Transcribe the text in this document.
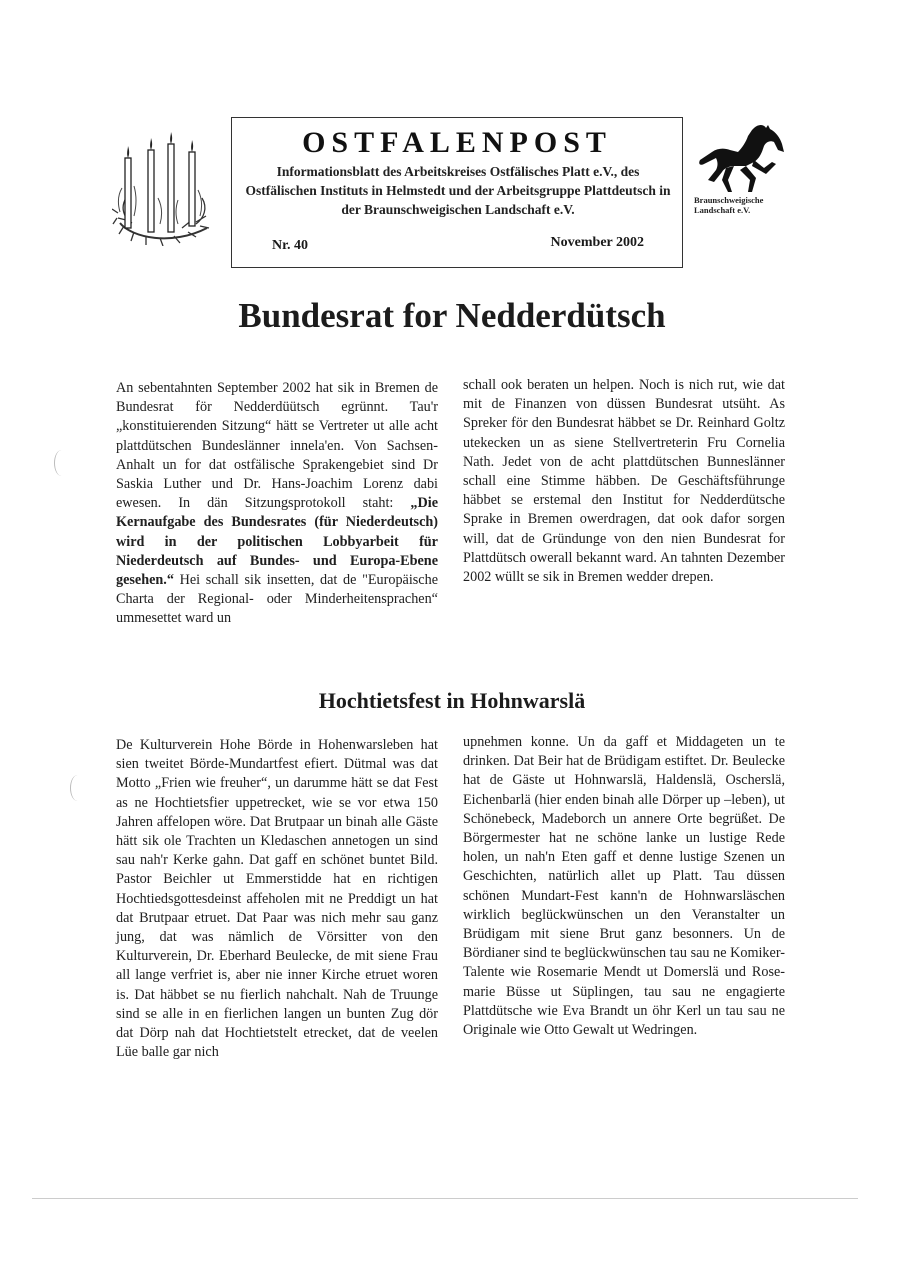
OSTFALENPOST
Informationsblatt des Arbeitskreises Ostfälisches Platt e.V., des Ostfälischen Instituts in Helmstedt und der Arbeitsgruppe Plattdeutsch in der Braunschweigischen Landschaft e.V.
Nr. 40	November 2002
Braunschweigische
Landschaft e.V.
Bundesrat for Nedderdütsch

An sebentahnten September 2002 hat sik in Bremen de Bundesrat för Nedderdüütsch egrünnt. Tau'r „konstituierenden Sitzung“ hätt se Vertreter ut alle acht plattdütschen Bundeslänner innela'en. Von Sachsen-Anhalt un for dat ostfälische Sprakengebiet sind Dr Saskia Luther und Dr. Hans-Joachim Lorenz dabi ewesen. In dän Sitzungsprotokoll staht: „Die Kernaufgabe des Bundesrates (für Niederdeutsch) wird in der politischen Lobbyarbeit für Niederdeutsch auf Bundes- und Europa-Ebene gesehen.“ Hei schall sik insetten, dat de "Europäische Charta der Regional- oder Minderheitensprachen“ ummesettet ward un

schall ook beraten un helpen. Noch is nich rut, wie dat mit de Finanzen von düssen Bundesrat utsüht. As Spreker för den Bundesrat häbbet se Dr. Reinhard Goltz utekecken un as siene Stellvertreterin Fru Cornelia Nath. Jedet von de acht plattdütschen Bunneslänner schall eine Stimme häbben. De Geschäftsführunge häbbet se erstemal den Institut for Nedderdütsche Sprake in Bremen owerdragen, dat ook dafor sorgen will, dat de Gründunge von den nien Bundesrat for Plattdütsch owerall bekannt ward. An tahnten Dezember 2002 wüllt se sik in Bremen wedder drepen.

Hochtietsfest in Hohnwarslä

De Kulturverein Hohe Börde in Hohenwarsleben hat sien tweitet Börde-Mundartfest efiert. Dütmal was dat Motto „Frien wie freuher“, un darumme hätt se dat Fest as ne Hochtietsfier uppetrecket, wie se vor etwa 150 Jahren affelopen wöre. Dat Brutpaar un binah alle Gäste hätt sik ole Trachten un Kledaschen annetogen un sind sau nah'r Kerke gahn. Dat gaff en schönet buntet Bild. Pastor Beichler ut Emmerstidde hat en richtigen Hochtiedsgottesdeinst affeholen mit ne Preddigt un hat dat Brutpaar etruet. Dat Paar was nich mehr sau ganz jung, dat was nämlich de Vörsitter von den Kulturverein, Dr. Eberhard Beulecke, de mit siene Frau all lange verfriet is, aber nie inner Kirche etruet woren is. Dat häbbet se nu fierlich nahchalt. Nah de Truunge sind se alle in en fierlichen langen un bunten Zug dör dat Dörp nah dat Hochtietstelt etrecket, dat de veelen Lüe balle gar nich

upnehmen konne. Un da gaff et Middageten un te drinken. Dat Beir hat de Brüdigam estiftet. Dr. Beulecke hat de Gäste ut Hohnwarslä, Haldenslä, Oscherslä, Eichenbarlä (hier enden binah alle Dörper up –leben), ut Schönebeck, Madeborch un annere Orte begrüßet. De Börgermester hat ne schöne lanke un lustige Rede holen, un nah'n Eten gaff et denne lustige Szenen un Geschichten, natürlich allet up Platt. Tau düssen schönen Mundart-Fest kann'n de Hohnwarsläschen wirklich beglückwünschen un den Veranstalter un Brüdigam mit siene Brut ganz besonners. Un de Bördianer sind te beglückwünschen tau sau ne Komiker-Talente wie Rosemarie Mendt ut Domerslä und Rosemarie Büsse ut Süplingen, tau sau ne engagierte Plattdütsche wie Eva Brandt un öhr Kerl un tau sau ne Originale wie Otto Gewalt ut Wedringen.
